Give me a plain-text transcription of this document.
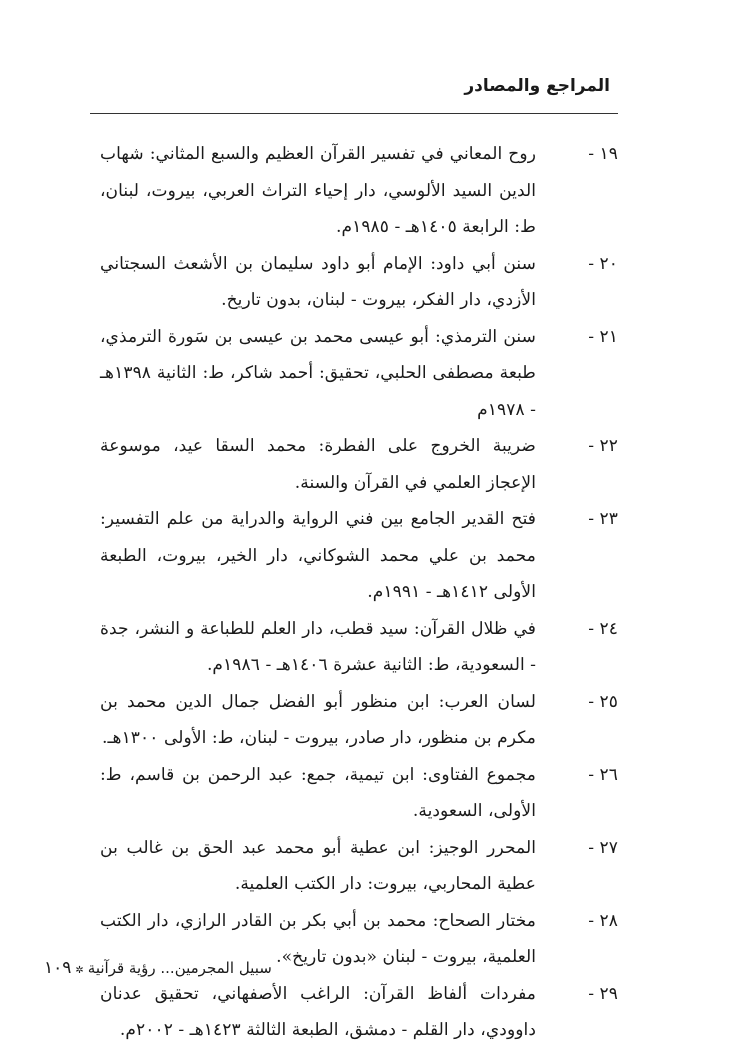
المراجع والمصادر
١٩ -
روح المعاني في تفسير القرآن العظيم والسبع المثاني: شهاب الدين السيد الألوسي، دار إحياء التراث العربي، بيروت، لبنان، ط: الرابعة ١٤٠٥هـ - ١٩٨٥م.
٢٠ -
سنن أبي داود: الإمام أبو داود سليمان بن الأشعث السجتاني الأزدي، دار الفكر، بيروت - لبنان، بدون تاريخ.
٢١ -
سنن الترمذي: أبو عيسى محمد بن عيسى بن سَورة الترمذي، طبعة مصطفى الحلبي، تحقيق: أحمد شاكر، ط: الثانية ١٣٩٨هـ - ١٩٧٨م
٢٢ -
ضريبة الخروج على الفطرة: محمد السقا عيد، موسوعة الإعجاز العلمي في القرآن والسنة.
٢٣ -
فتح القدير الجامع بين فني الرواية والدراية من علم التفسير: محمد بن علي محمد الشوكاني، دار الخير، بيروت، الطبعة الأولى ١٤١٢هـ - ١٩٩١م.
٢٤ -
في ظلال القرآن: سيد قطب، دار العلم للطباعة و النشر، جدة - السعودية، ط: الثانية عشرة ١٤٠٦هـ - ١٩٨٦م.
٢٥ -
لسان العرب: ابن منظور أبو الفضل جمال الدين محمد بن مكرم بن منظور، دار صادر، بيروت - لبنان، ط: الأولى ١٣٠٠هـ.
٢٦ -
مجموع الفتاوى: ابن تيمية، جمع: عبد الرحمن بن قاسم، ط: الأولى، السعودية.
٢٧ -
المحرر الوجيز: ابن عطية أبو محمد عبد الحق بن غالب بن عطية المحاربي، بيروت: دار الكتب العلمية.
٢٨ -
مختار الصحاح: محمد بن أبي بكر بن القادر الرازي، دار الكتب العلمية، بيروت - لبنان «بدون تاريخ».
٢٩ -
مفردات ألفاظ القرآن: الراغب الأصفهاني، تحقيق عدنان داوودي، دار القلم - دمشق، الطبعة الثالثة ١٤٢٣هـ - ٢٠٠٢م.
سبيل المجرمين... رؤية قرآنية✲١٠٩
